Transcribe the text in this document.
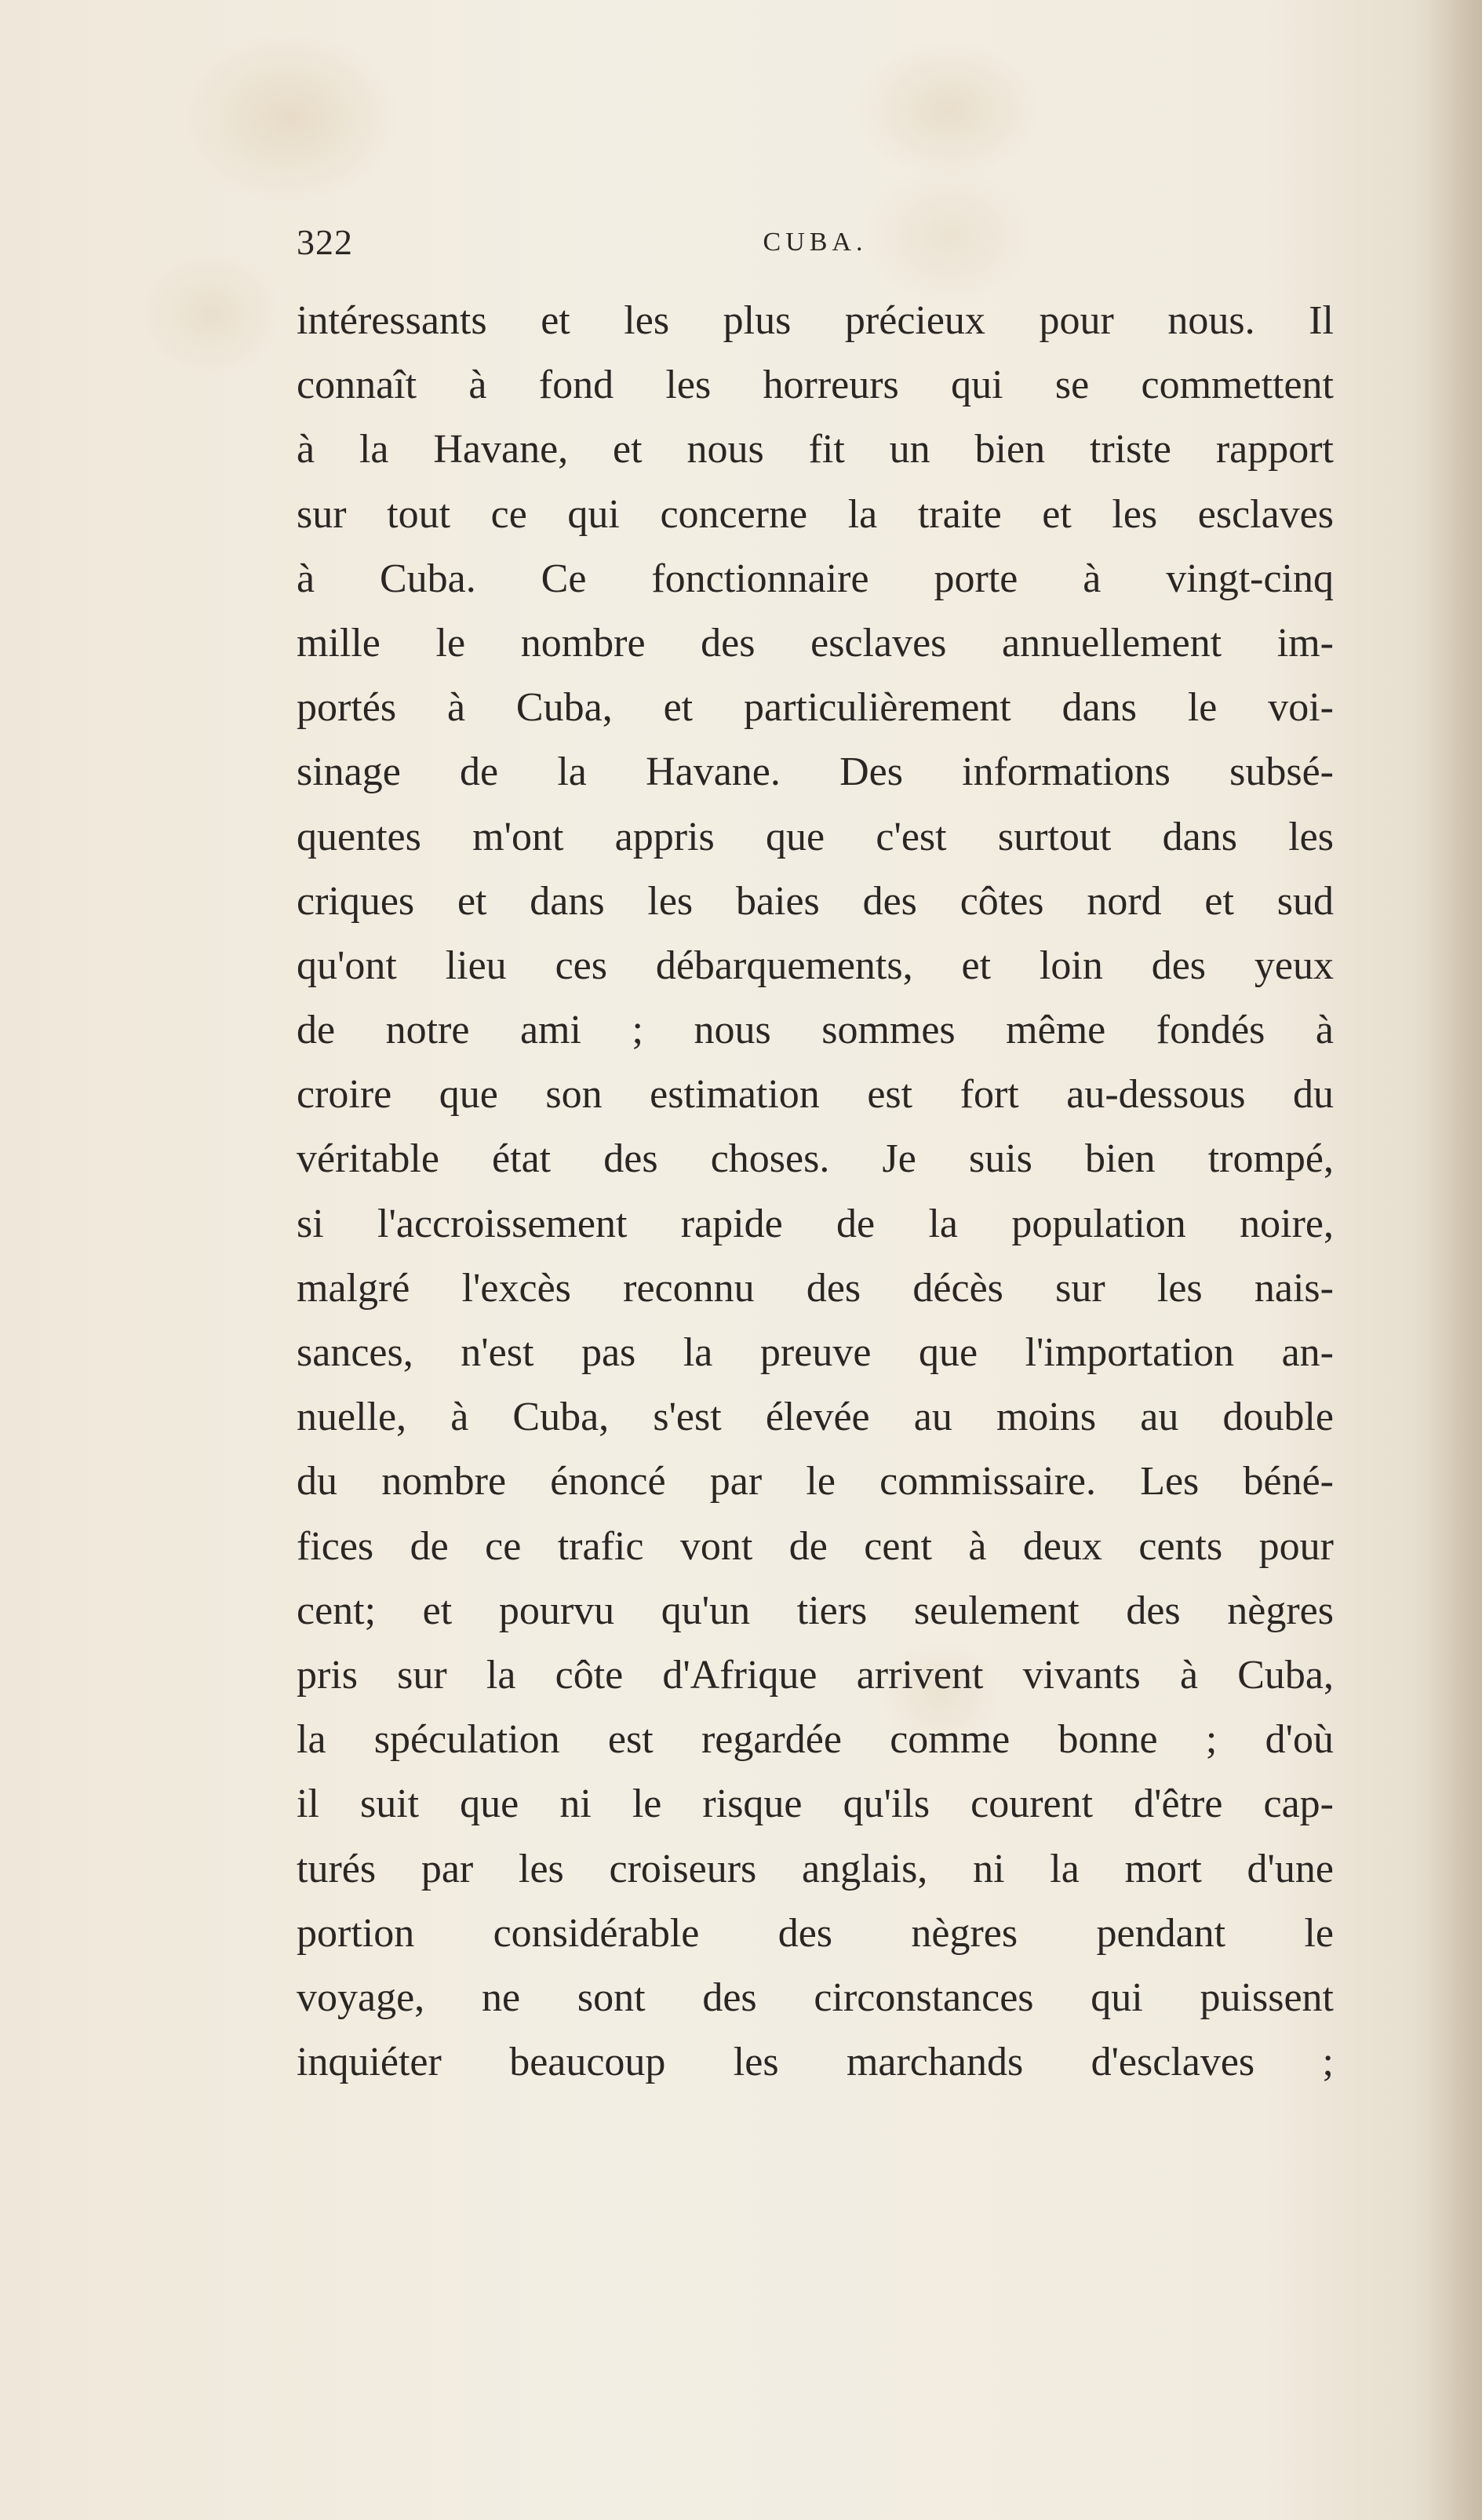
322	CUBA.
intéressants et les plus précieux pour nous. Il
connaît à fond les horreurs qui se commettent
à la Havane, et nous fit un bien triste rapport
sur tout ce qui concerne la traite et les esclaves
à Cuba. Ce fonctionnaire porte à vingt-cinq
mille le nombre des esclaves annuellement im-
portés à Cuba, et particulièrement dans le voi-
sinage de la Havane. Des informations subsé-
quentes m'ont appris que c'est surtout dans les
criques et dans les baies des côtes nord et sud
qu'ont lieu ces débarquements, et loin des yeux
de notre ami ; nous sommes même fondés à
croire que son estimation est fort au-dessous du
véritable état des choses. Je suis bien trompé,
si l'accroissement rapide de la population noire,
malgré l'excès reconnu des décès sur les nais-
sances, n'est pas la preuve que l'importation an-
nuelle, à Cuba, s'est élevée au moins au double
du nombre énoncé par le commissaire. Les béné-
fices de ce trafic vont de cent à deux cents pour
cent; et pourvu qu'un tiers seulement des nègres
pris sur la côte d'Afrique arrivent vivants à Cuba,
la spéculation est regardée comme bonne ; d'où
il suit que ni le risque qu'ils courent d'être cap-
turés par les croiseurs anglais, ni la mort d'une
portion considérable des nègres pendant le
voyage, ne sont des circonstances qui puissent
inquiéter beaucoup les marchands d'esclaves ;
